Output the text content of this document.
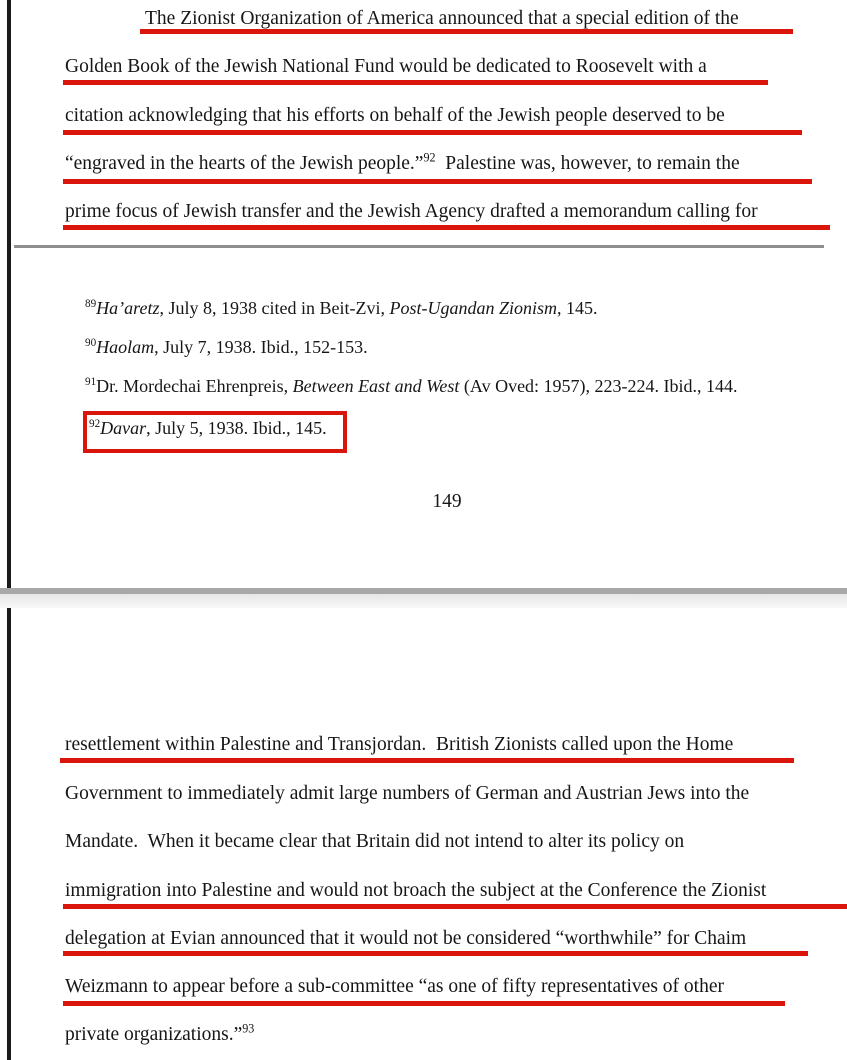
The Zionist Organization of America announced that a special edition of the
Golden Book of the Jewish National Fund would be dedicated to Roosevelt with a
citation acknowledging that his efforts on behalf of the Jewish people deserved to be
“engraved in the hearts of the Jewish people.”$^{92}$  Palestine was, however, to remain the
prime focus of Jewish transfer and the Jewish Agency drafted a memorandum calling for
$^{89}$Ha’aretz, July 8, 1938 cited in Beit-Zvi, Post-Ugandan Zionism, 145.
$^{90}$Haolam, July 7, 1938. Ibid., 152-153.
$^{91}$Dr. Mordechai Ehrenpreis, Between East and West (Av Oved: 1957), 223-224. Ibid., 144.
$^{92}$Davar, July 5, 1938. Ibid., 145.
149
resettlement within Palestine and Transjordan.  British Zionists called upon the Home
Government to immediately admit large numbers of German and Austrian Jews into the
Mandate.  When it became clear that Britain did not intend to alter its policy on
immigration into Palestine and would not broach the subject at the Conference the Zionist
delegation at Evian announced that it would not be considered “worthwhile” for Chaim
Weizmann to appear before a sub-committee “as one of fifty representatives of other
private organizations.”$^{93}$
